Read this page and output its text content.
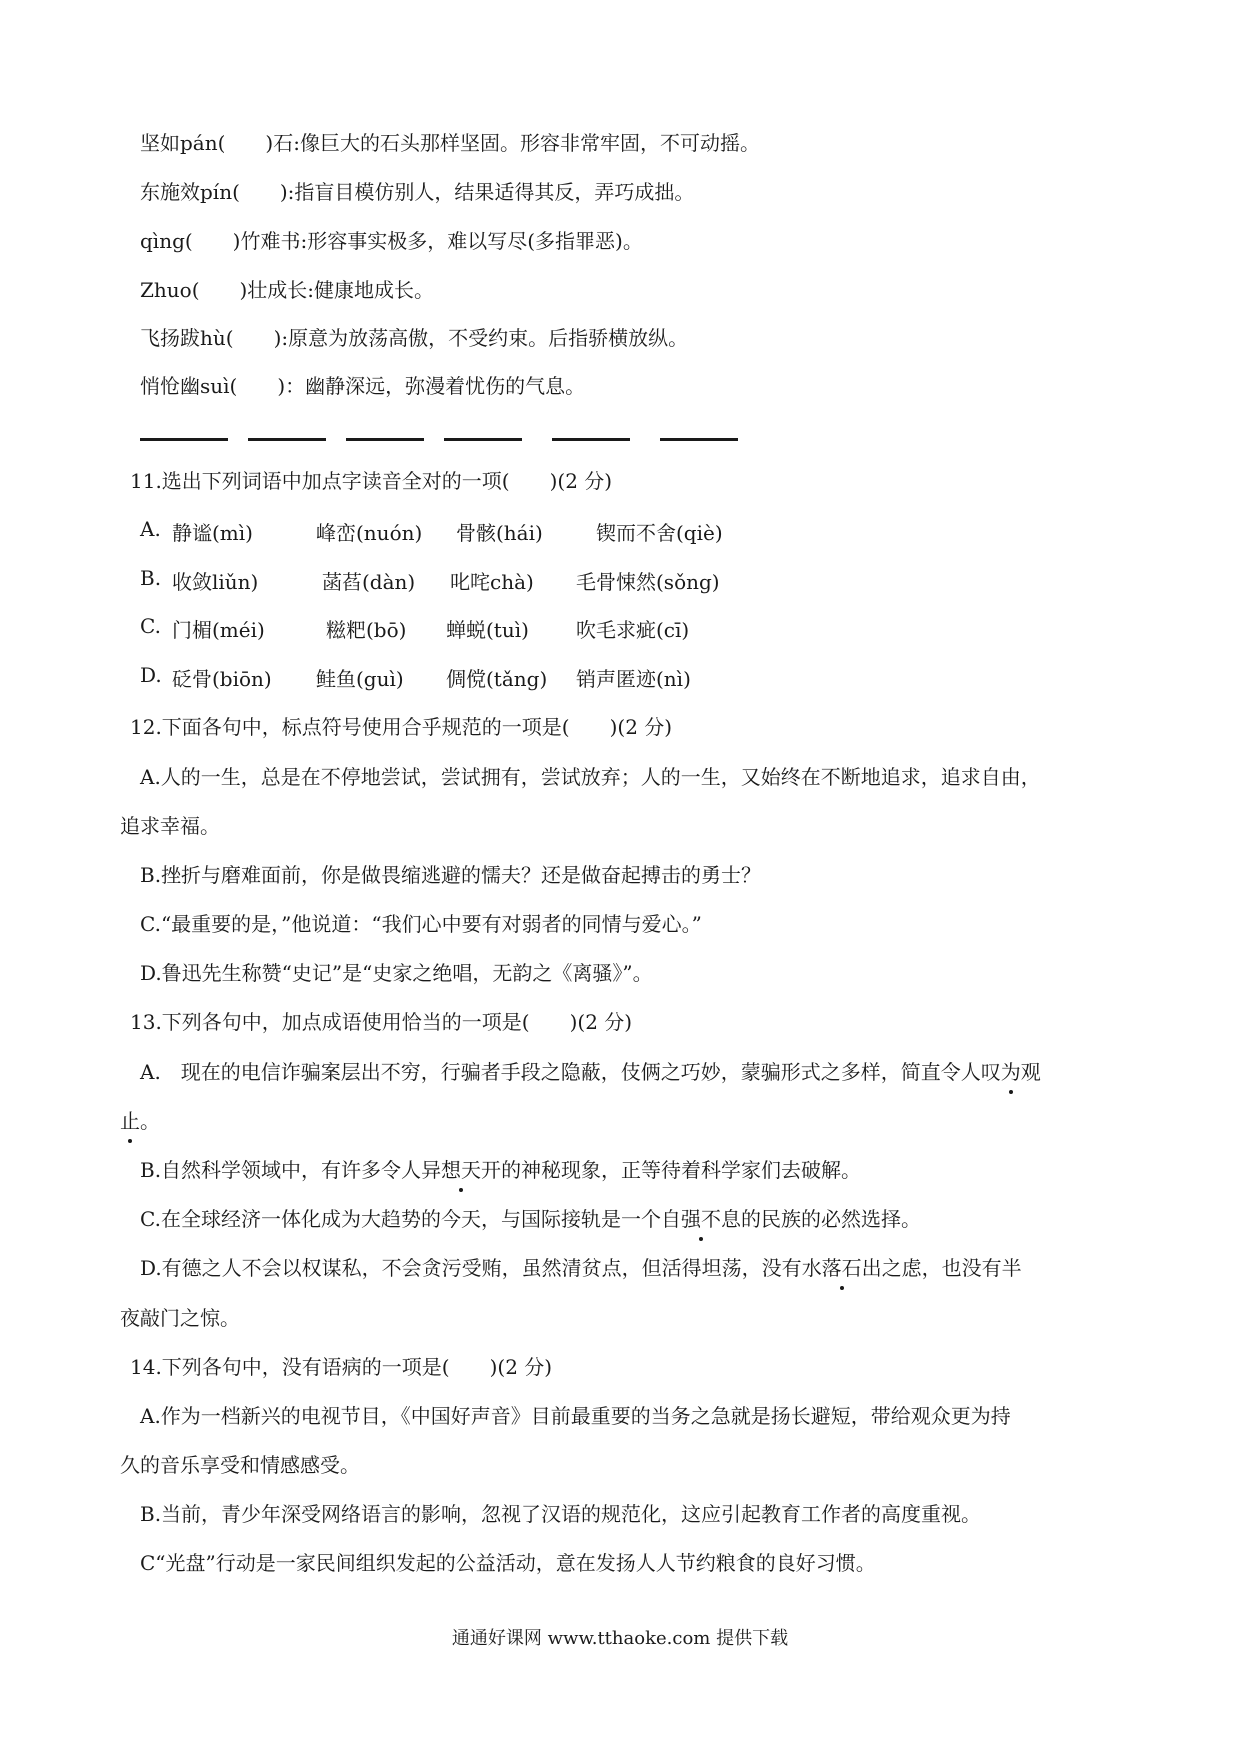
坚如pán(　　)石:像巨大的石头那样坚固。形容非常牢固，不可动摇。
东施效pín(　　):指盲目模仿别人，结果适得其反，弄巧成拙。
qìng(　　)竹难书:形容事实极多，难以写尽(多指罪恶)。
Zhuo(　　)壮成长:健康地成长。
飞扬跋hù(　　):原意为放荡高傲，不受约束。后指骄横放纵。
悄怆幽suì(　　)：幽静深远，弥漫着忧伤的气息。
11.选出下列词语中加点字读音全对的一项(　　)(2 分)
A. 静谧(mì)	峰峦(nuón) 骨骸(hái)	锲而不舍(qiè)
B. 收敛liǔn)	菡萏(dàn) 叱咤chà) 毛骨悚然(sǒng)
C. 门楣(méi)	糍粑(bō) 蝉蜕(tuì) 吹毛求疵(cī)
D. 砭骨(biōn) 鲑鱼(guì) 倜傥(tǎng) 销声匿迹(nì)
12.下面各句中，标点符号使用合乎规范的一项是(　　)(2 分)
A.人的一生，总是在不停地尝试，尝试拥有，尝试放弃；人的一生，又始终在不断地追求，追求自由，
追求幸福。
B.挫折与磨难面前，你是做畏缩逃避的懦夫？还是做奋起搏击的勇士？
C.“最重要的是，”他说道：“我们心中要有对弱者的同情与爱心。”
D.鲁迅先生称赞“史记”是“史家之绝唱，无韵之《离骚》”。
13.下列各句中，加点成语使用恰当的一项是(　　)(2 分)
A.　现在的电信诈骗案层出不穷，行骗者手段之隐蔽，伎俩之巧妙，蒙骗形式之多样，简直令人叹为观
止。
B.自然科学领域中，有许多令人异想天开的神秘现象，正等待着科学家们去破解。
C.在全球经济一体化成为大趋势的今天，与国际接轨是一个自强不息的民族的必然选择。
D.有德之人不会以权谋私，不会贪污受贿，虽然清贫点，但活得坦荡，没有水落石出之虑，也没有半
夜敲门之惊。
14.下列各句中，没有语病的一项是(　　)(2 分)
A.作为一档新兴的电视节目，《中国好声音》目前最重要的当务之急就是扬长避短，带给观众更为持
久的音乐享受和情感感受。
B.当前，青少年深受网络语言的影响，忽视了汉语的规范化，这应引起教育工作者的高度重视。
C“光盘”行动是一家民间组织发起的公益活动，意在发扬人人节约粮食的良好习惯。
通通好课网 www.tthaoke.com 提供下载
